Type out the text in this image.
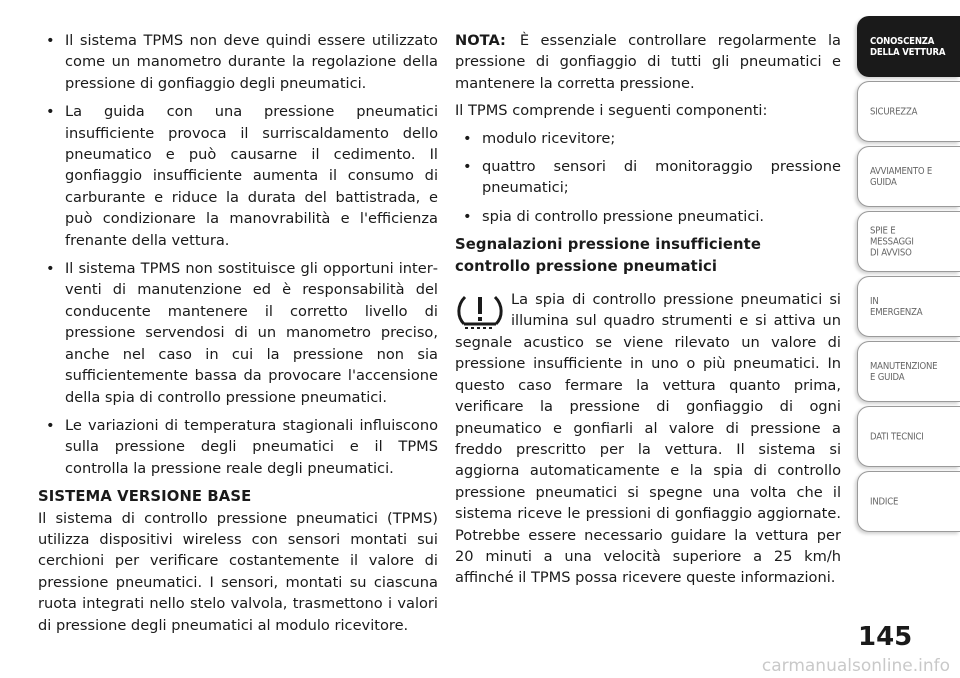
• Il sistema TPMS non deve quindi essere utilizzato come un manometro durante la regolazione della pressione di gonfiaggio degli pneumatici.
• La guida con una pressione pneumatici insufficiente provoca il surriscaldamento dello pneumatico e può causarne il cedimento. Il gonfiaggio insufficiente aumenta il consumo di carburante e riduce la durata del battistrada, e può condizionare la manovrabilità e l'efficienza frenante della vettura.
• Il sistema TPMS non sostituisce gli opportuni interventi di manutenzione ed è responsabilità del conducente mantenere il corretto livello di pressione servendosi di un manometro preciso, anche nel caso in cui la pressione non sia sufficientemente bassa da provocare l'accensione della spia di controllo pressione pneumatici.
• Le variazioni di temperatura stagionali influiscono sulla pressione degli pneumatici e il TPMS controlla la pressione reale degli pneumatici.
SISTEMA VERSIONE BASE

Il sistema di controllo pressione pneumatici (TPMS) utilizza dispositivi wireless con sensori montati sui cerchioni per verificare costantemente il valore di pressione pneumatici. I sensori, montati su ciascuna ruota integrati nello stelo valvola, trasmettono i valori di pressione degli pneumatici al modulo ricevitore.

NOTA: È essenziale controllare regolarmente la pressione di gonfiaggio di tutti gli pneumatici e mantenere la corretta pressione.

Il TPMS comprende i seguenti componenti:

• modulo ricevitore;
• quattro sensori di monitoraggio pressione pneumatici;
• spia di controllo pressione pneumatici.
Segnalazioni pressione insufficiente controllo pressione pneumatici
La spia di controllo pressione pneumatici si illumina sul quadro strumenti e si attiva un segnale acustico se viene rilevato un valore di pressione insufficiente in uno o più pneumatici. In questo caso fermare la vettura quanto prima, verificare la pressione di gonfiaggio di ogni pneumatico e gonfiarli al valore di pressione a freddo prescritto per la vettura. Il sistema si aggiorna automaticamente e la spia di controllo pressione pneumatici si spegne una volta che il sistema riceve le pressioni di gonfiaggio aggiornate. Potrebbe essere necessario guidare la vettura per 20 minuti a una velocità superiore a 25 km/h affinché il TPMS possa ricevere queste informazioni.
CONOSCENZA
DELLA VETTURA
SICUREZZA
AVVIAMENTO E
GUIDA
SPIE E
MESSAGGI
DI AVVISO
IN
EMERGENZA
MANUTENZIONE
E GUIDA
DATI TECNICI
INDICE
145
carmanualsonline.info
